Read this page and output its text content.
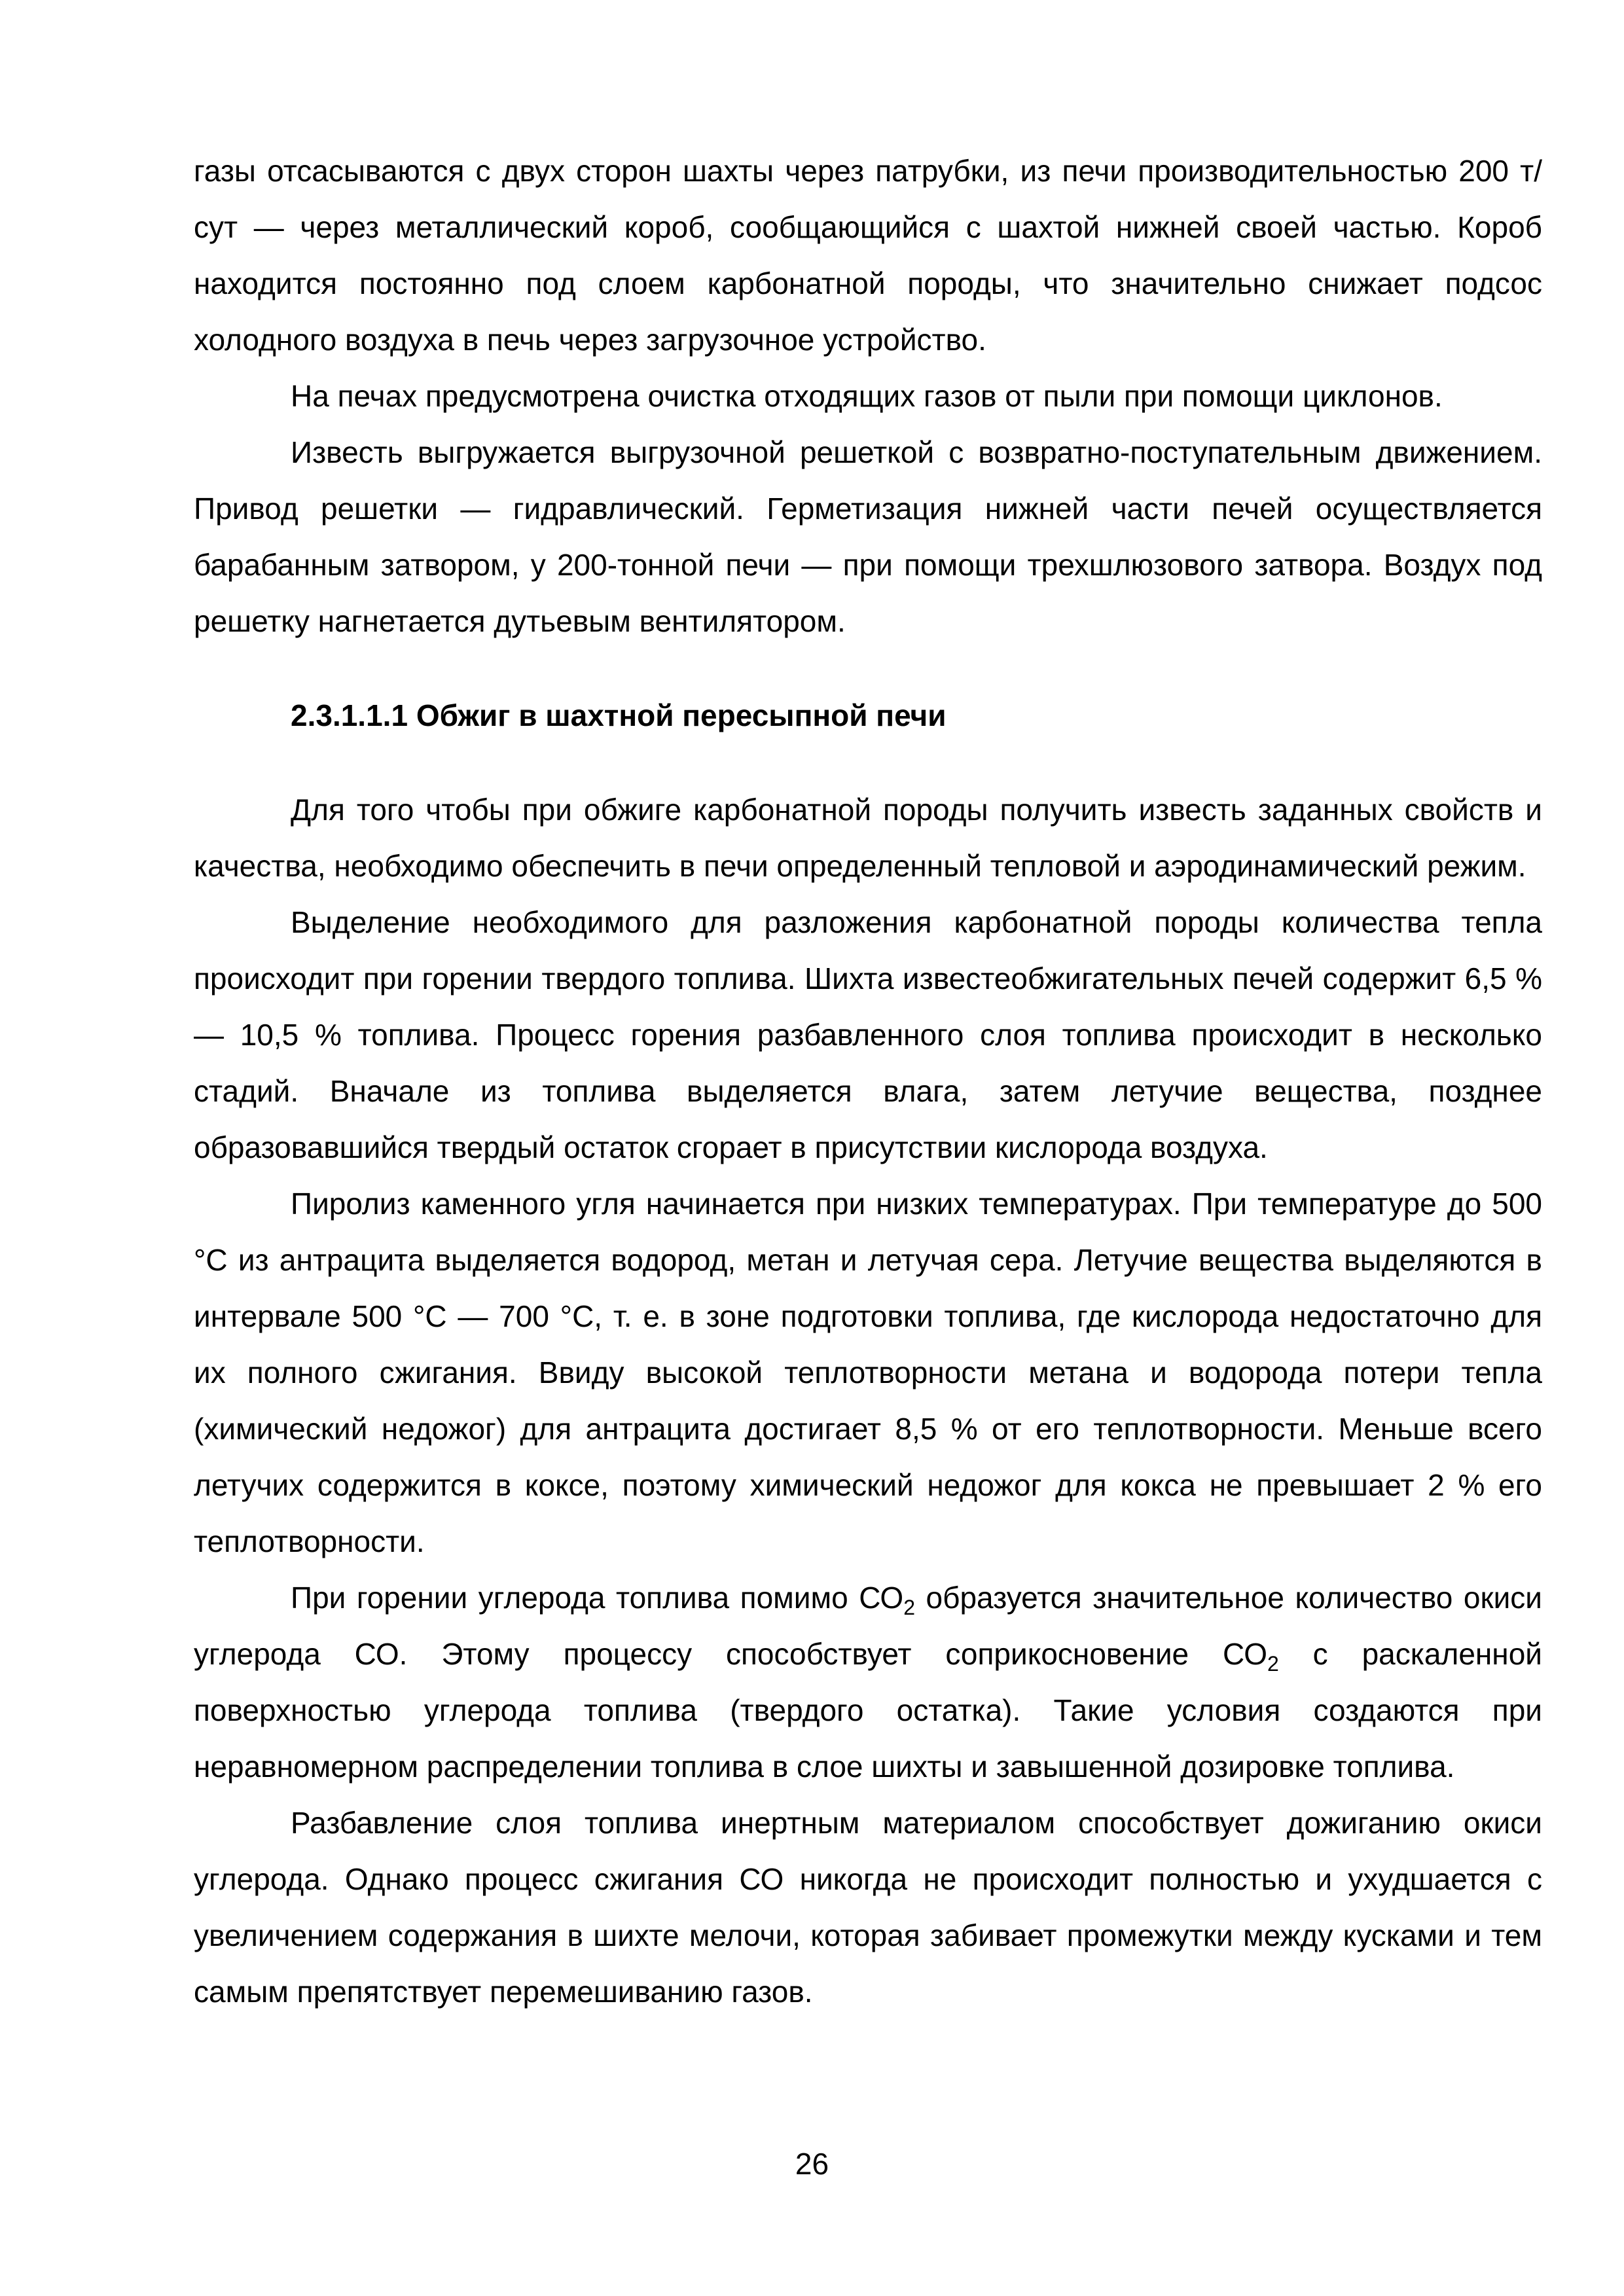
газы отсасываются с двух сторон шахты через патрубки, из печи производительностью 200 т/сут — через металлический короб, сообщающийся с шахтой нижней своей частью. Короб находится постоянно под слоем карбонатной породы, что значительно снижает подсос холодного воздуха в печь через загрузочное устройство.

На печах предусмотрена очистка отходящих газов от пыли при помощи циклонов.

Известь выгружается выгрузочной решеткой с возвратно-поступательным движением. Привод решетки — гидравлический. Герметизация нижней части печей осуществляется барабанным затвором, у 200-тонной печи — при помощи трехшлюзового затвора. Воздух под решетку нагнетается дутьевым вентилятором.

2.3.1.1.1 Обжиг в шахтной пересыпной печи

Для того чтобы при обжиге карбонатной породы получить известь заданных свойств и качества, необходимо обеспечить в печи определенный тепловой и аэродинамический режим.

Выделение необходимого для разложения карбонатной породы количества тепла происходит при горении твердого топлива. Шихта известеобжигательных печей содержит 6,5 % — 10,5 % топлива. Процесс горения разбавленного слоя топлива происходит в несколько стадий. Вначале из топлива выделяется влага, затем летучие вещества, позднее образовавшийся твердый остаток сгорает в присутствии кислорода воздуха.

Пиролиз каменного угля начинается при низких температурах. При температуре до 500 °С из антрацита выделяется водород, метан и летучая сера. Летучие вещества выделяются в интервале 500 °С — 700 °С, т. е. в зоне подготовки топлива, где кислорода недостаточно для их полного сжигания. Ввиду высокой теплотворности метана и водорода потери тепла (химический недожог) для антрацита достигает 8,5 % от его теплотворности. Меньше всего летучих содержится в коксе, поэтому химический недожог для кокса не превышает 2 % его теплотворности.

При горении углерода топлива помимо $СО_2$ образуется значительное количество окиси углерода СО. Этому процессу способствует соприкосновение $СО_2$ с раскаленной поверхностью углерода топлива (твердого остатка). Такие условия создаются при неравномерном распределении топлива в слое шихты и завышенной дозировке топлива.

Разбавление слоя топлива инертным материалом способствует дожиганию окиси углерода. Однако процесс сжигания СО никогда не происходит полностью и ухудшается с увеличением содержания в шихте мелочи, которая забивает промежутки между кусками и тем самым препятствует перемешиванию газов.

26
